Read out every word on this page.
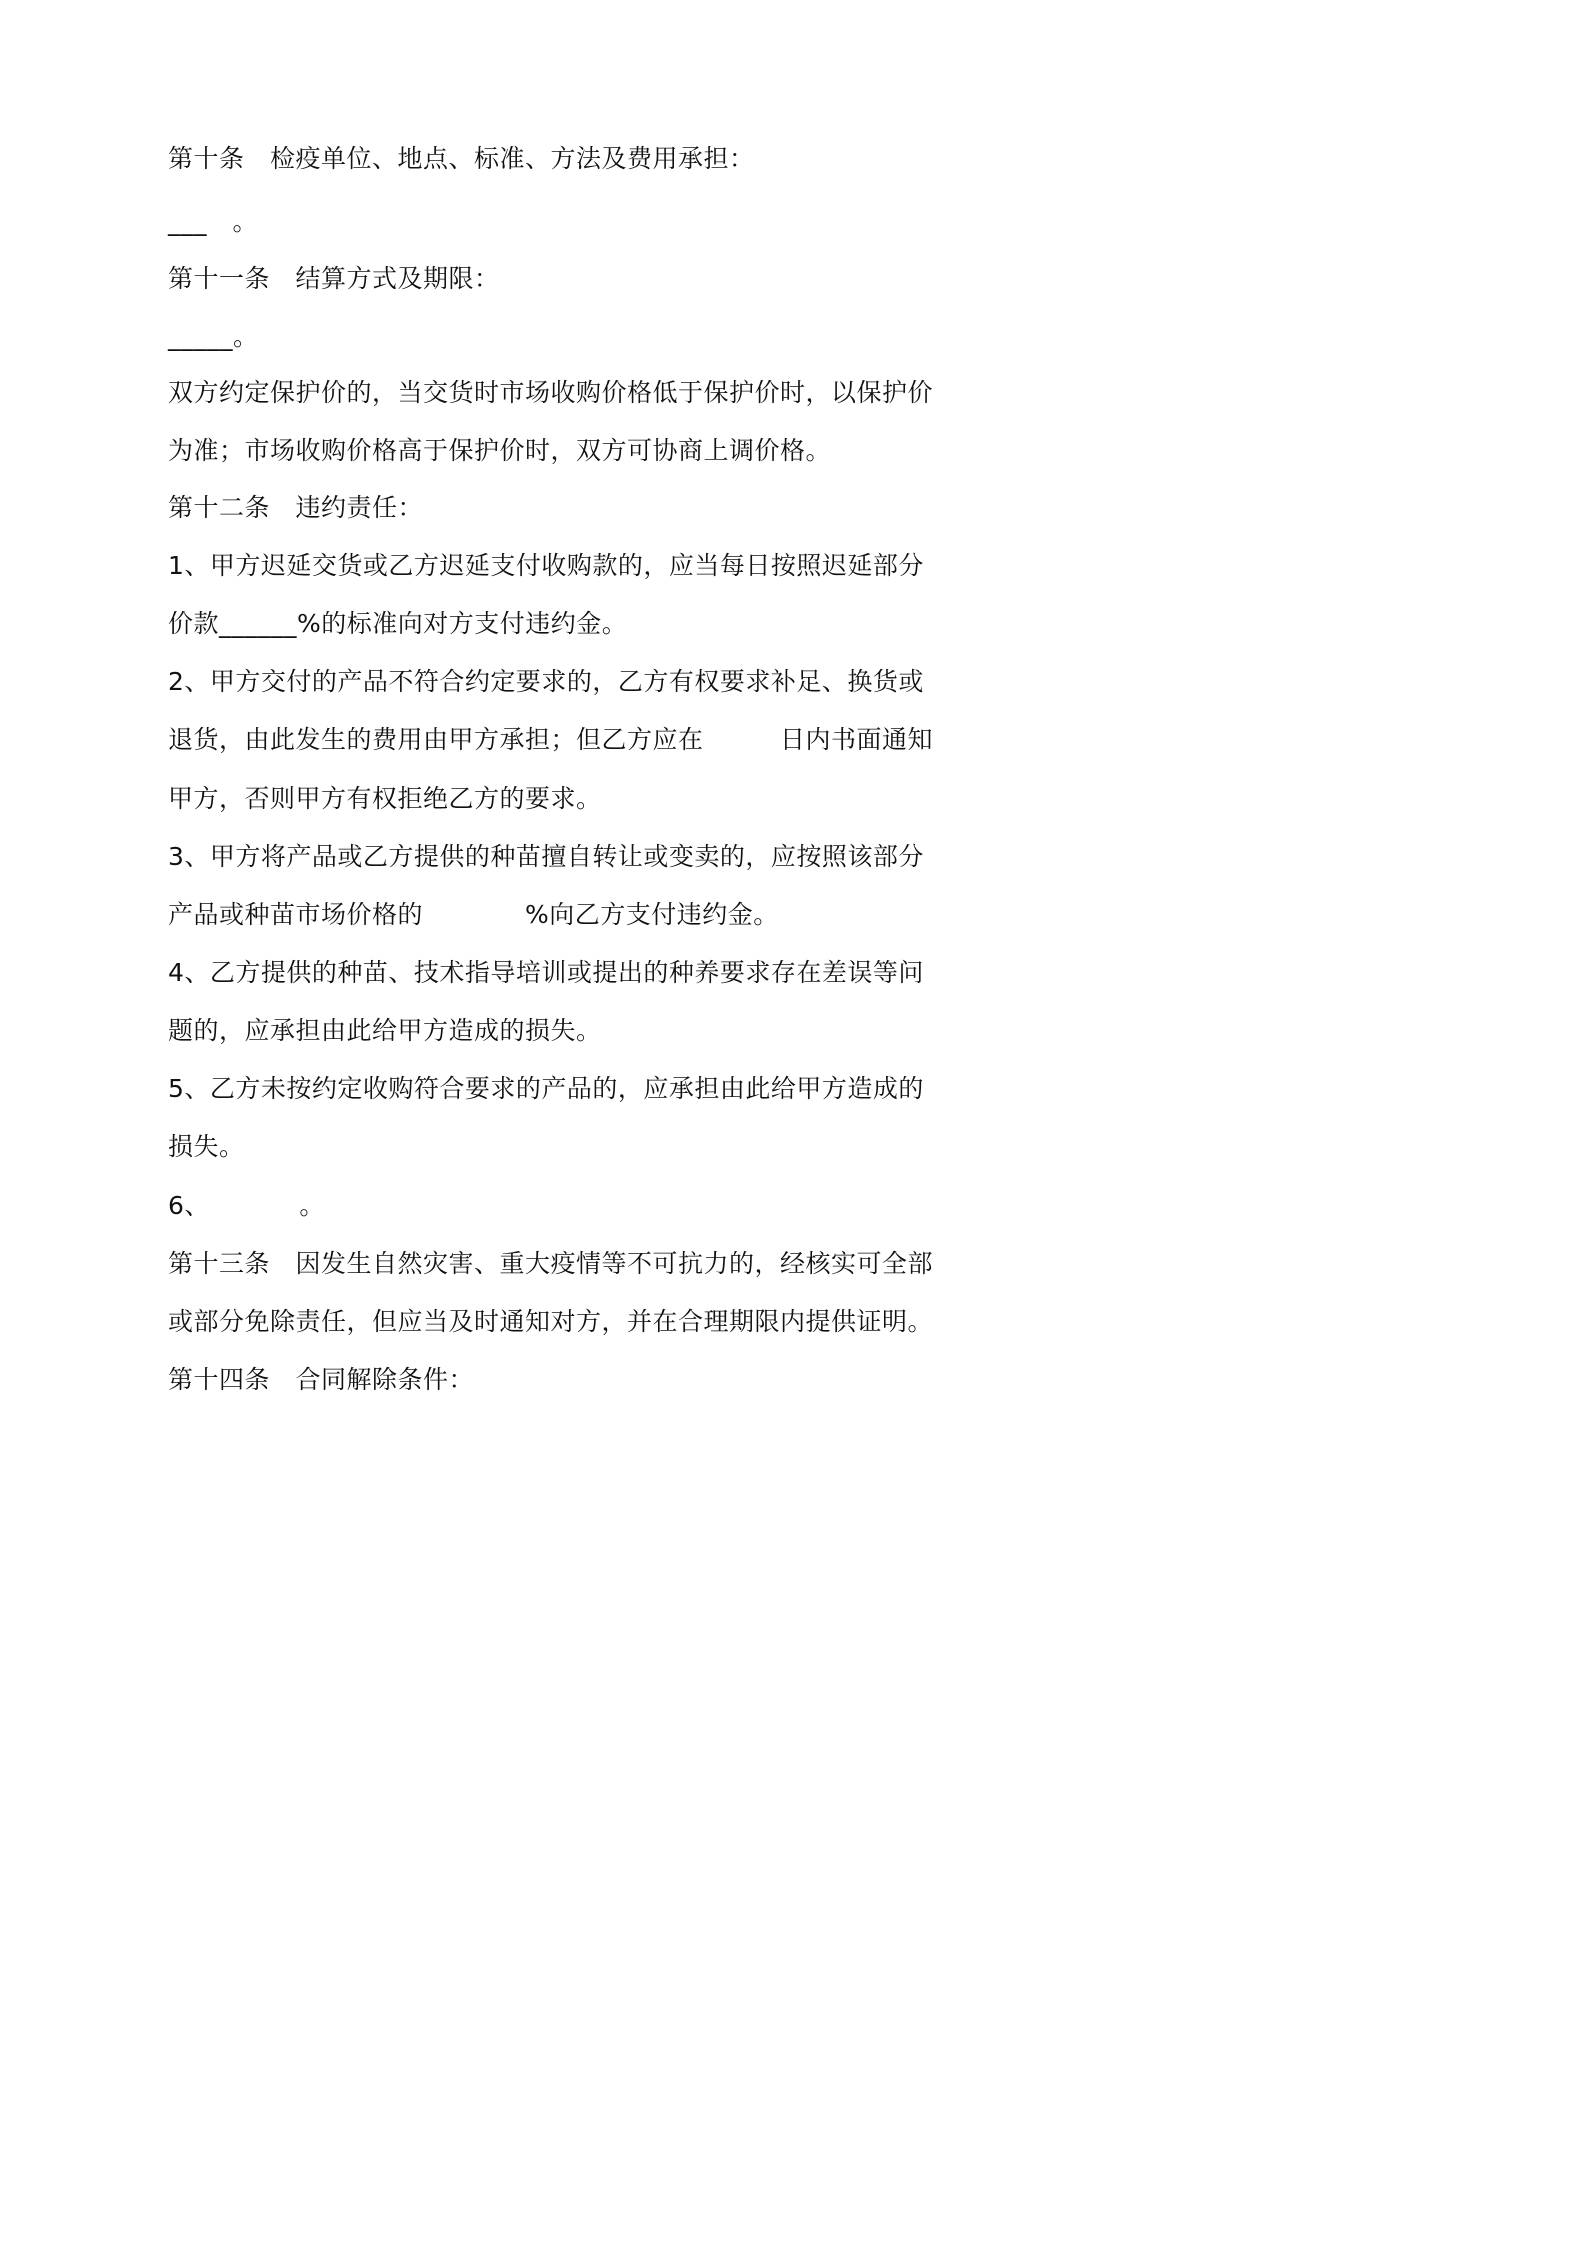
第十条　检疫单位、地点、标准、方法及费用承担：
___　。
第十一条　结算方式及期限：
_____。
双方约定保护价的，当交货时市场收购价格低于保护价时，以保护价
为准；市场收购价格高于保护价时，双方可协商上调价格。
第十二条　违约责任：
1、甲方迟延交货或乙方迟延支付收购款的，应当每日按照迟延部分
价款______%的标准向对方支付违约金。
2、甲方交付的产品不符合约定要求的，乙方有权要求补足、换货或
退货，由此发生的费用由甲方承担；但乙方应在　　　日内书面通知
甲方，否则甲方有权拒绝乙方的要求。
3、甲方将产品或乙方提供的种苗擅自转让或变卖的，应按照该部分
产品或种苗市场价格的　　　　%向乙方支付违约金。
4、乙方提供的种苗、技术指导培训或提出的种养要求存在差误等问
题的，应承担由此给甲方造成的损失。
5、乙方未按约定收购符合要求的产品的，应承担由此给甲方造成的
损失。
6、　　　　。
第十三条　因发生自然灾害、重大疫情等不可抗力的，经核实可全部
或部分免除责任，但应当及时通知对方，并在合理期限内提供证明。
第十四条　合同解除条件：
